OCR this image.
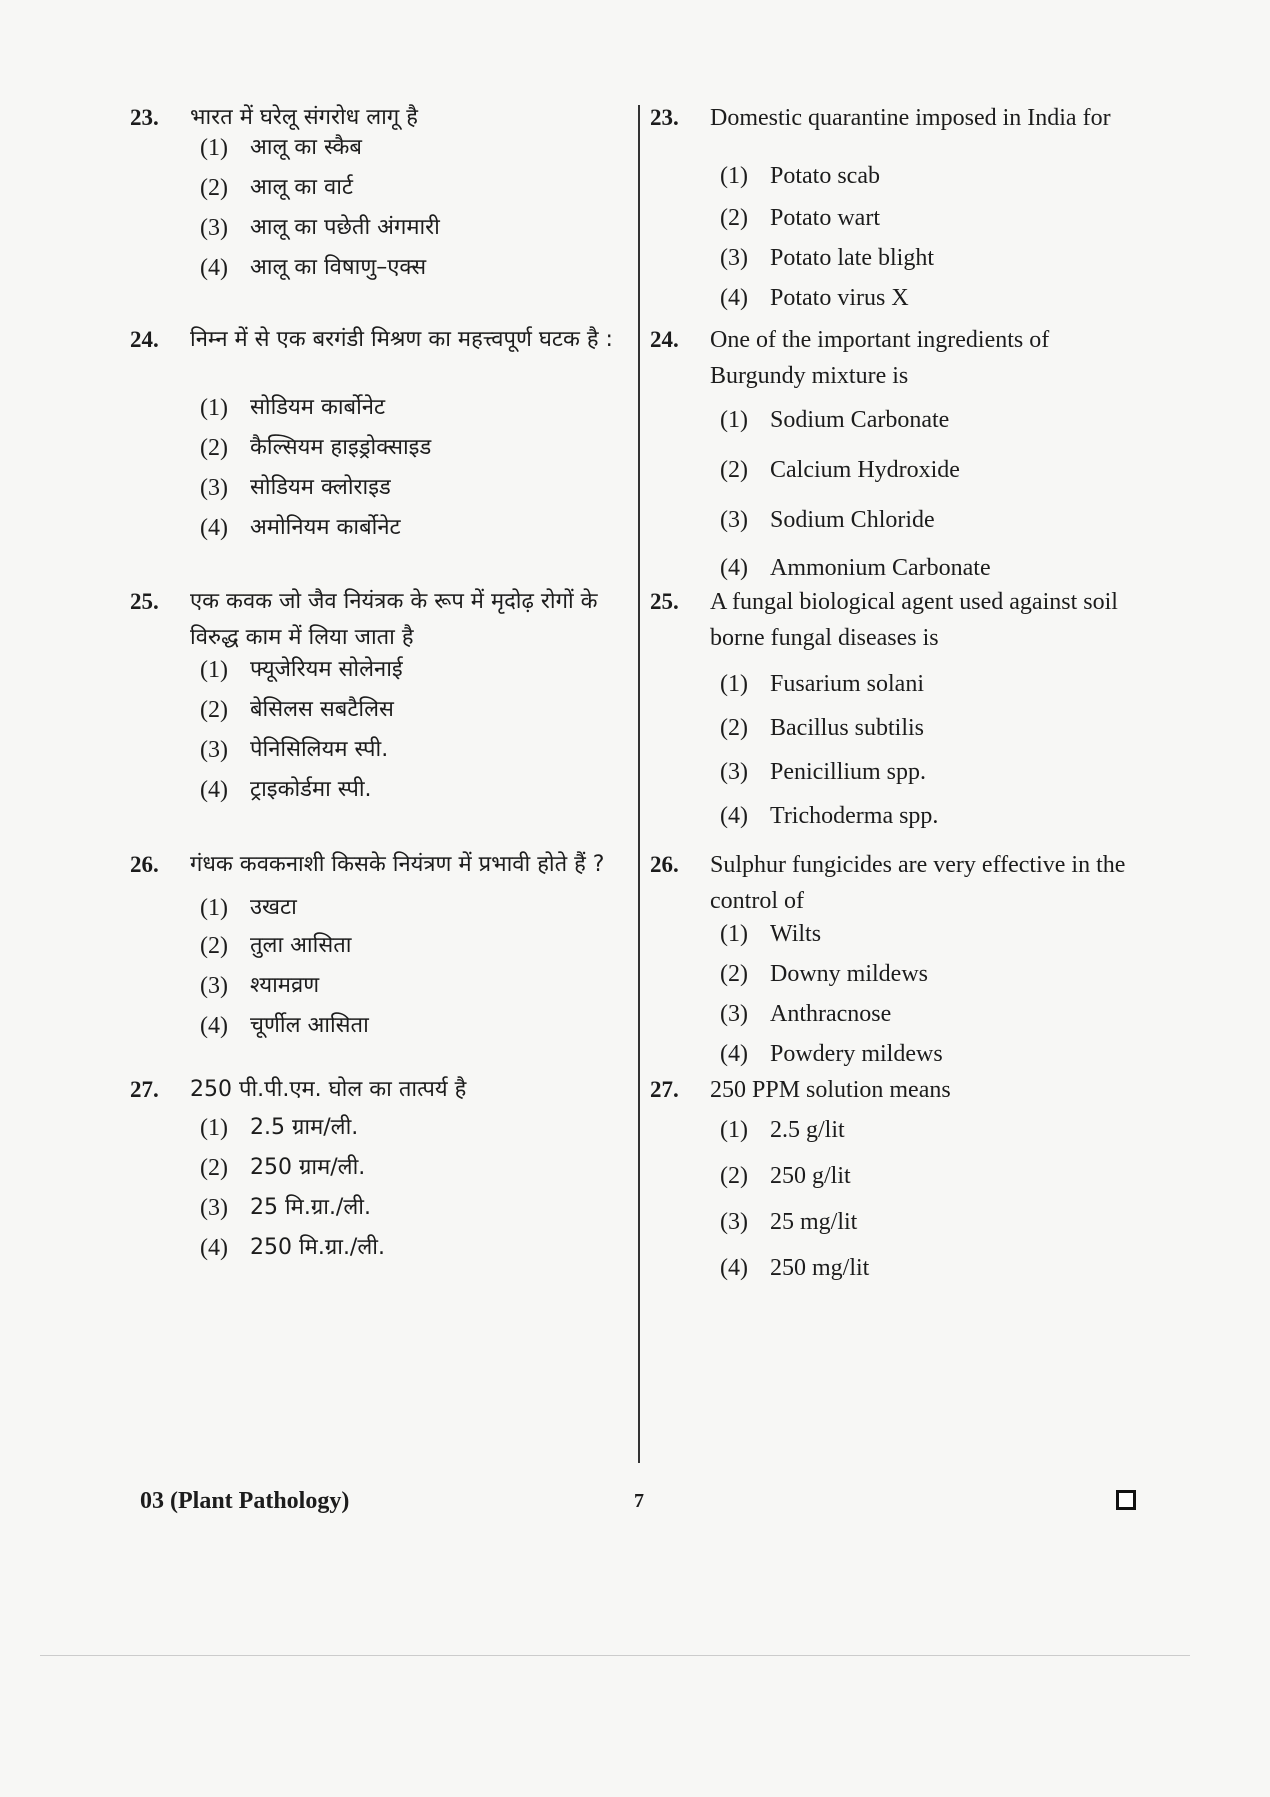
23.	भारत में घरेलू संगरोध लागू है
(1)	आलू का स्कैब
(2)	आलू का वार्ट
(3)	आलू का पछेती अंगमारी
(4)	आलू का विषाणु–एक्स
24.	निम्न में से एक बरगंडी मिश्रण का महत्त्वपूर्ण घटक है :
(1)	सोडियम कार्बोनेट
(2)	कैल्सियम हाइड्रोक्साइड
(3)	सोडियम क्लोराइड
(4)	अमोनियम कार्बोनेट
25.	एक कवक जो जैव नियंत्रक के रूप में मृदोढ़ रोगों के विरुद्ध काम में लिया जाता है
(1)	फ्यूजेरियम सोलेनाई
(2)	बेसिलस सबटैलिस
(3)	पेनिसिलियम स्पी.
(4)	ट्राइकोर्डमा स्पी.
26.	गंधक कवकनाशी किसके नियंत्रण में प्रभावी होते हैं ?
(1)	उखटा
(2)	तुला आसिता
(3)	श्यामव्रण
(4)	चूर्णील आसिता
27.	250 पी.पी.एम. घोल का तात्पर्य है
(1)	2.5 ग्राम/ली.
(2)	250 ग्राम/ली.
(3)	25 मि.ग्रा./ली.
(4)	250 मि.ग्रा./ली.
23.	Domestic quarantine imposed in India for
(1) Potato scab
(2) Potato wart
(3) Potato late blight
(4) Potato virus X
24.	One of the important ingredients of Burgundy mixture is
(1) Sodium Carbonate
(2) Calcium Hydroxide
(3) Sodium Chloride
(4) Ammonium Carbonate
25.	A fungal biological agent used against soil borne fungal diseases is
(1) Fusarium solani
(2) Bacillus subtilis
(3) Penicillium spp.
(4) Trichoderma spp.
26.	Sulphur fungicides are very effective in the control of
(1) Wilts
(2) Downy mildews
(3) Anthracnose
(4) Powdery mildews
27.	250 PPM solution means
(1) 2.5 g/lit
(2) 250 g/lit
(3) 25 mg/lit
(4) 250 mg/lit
03 (Plant Pathology)	7
